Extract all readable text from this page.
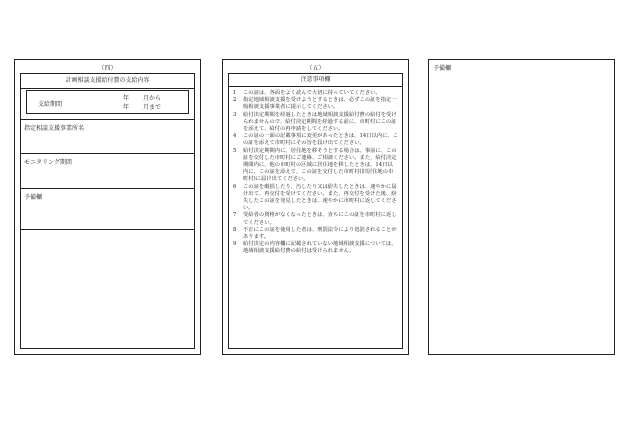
（四）
計画相談支援給付費の支給内容
支給期間
年 月から
年 月まで
指定相談支援事業所名
モニタリング期間
予備欄
（五）
注意事項欄
1	この証は、各面をよく読んで大切に持っていてください。
2	指定地域相談支援を受けようとするときは、必ずこの証を指定一般相談支援事業者に提示してください。
3	給付決定期間を経過したときは地域相談支援給付費の給付を受けられませんので、給付決定期間を経過する前に、市町村にこの証を添えて、給付の再申請をしてください。
4	この証の一面の記載事項に変更があったときは、14日以内に、この証を添えて市町村にその旨を届け出てください。
5	給付決定期間内に、居住地を移そうとする場合は、事前に、この証を交付した市町村にご連絡、ご相談ください。また、給付決定期間内に、他の市町村の区域に居住地を移したときは、14日以内に、この証を添えて、この証を交付した市町村(旧居住地の市町村)に届け出てください。
6	この証を破損したり、汚したり又は紛失したときは、速やかに届け出て、再交付を受けてください。また、再交付を受けた後、紛失したこの証を発見したときは、速やかに市町村に返してください。
7	受給者の資格がなくなったときは、直ちにこの証を市町村に返してください。
8	不正にこの証を使用した者は、刑罰法令により処罰されることがあります。
9	給付決定の内容欄に記載されていない地域相談支援については、地域相談支援給付費の給付は受けられません。
予備欄
